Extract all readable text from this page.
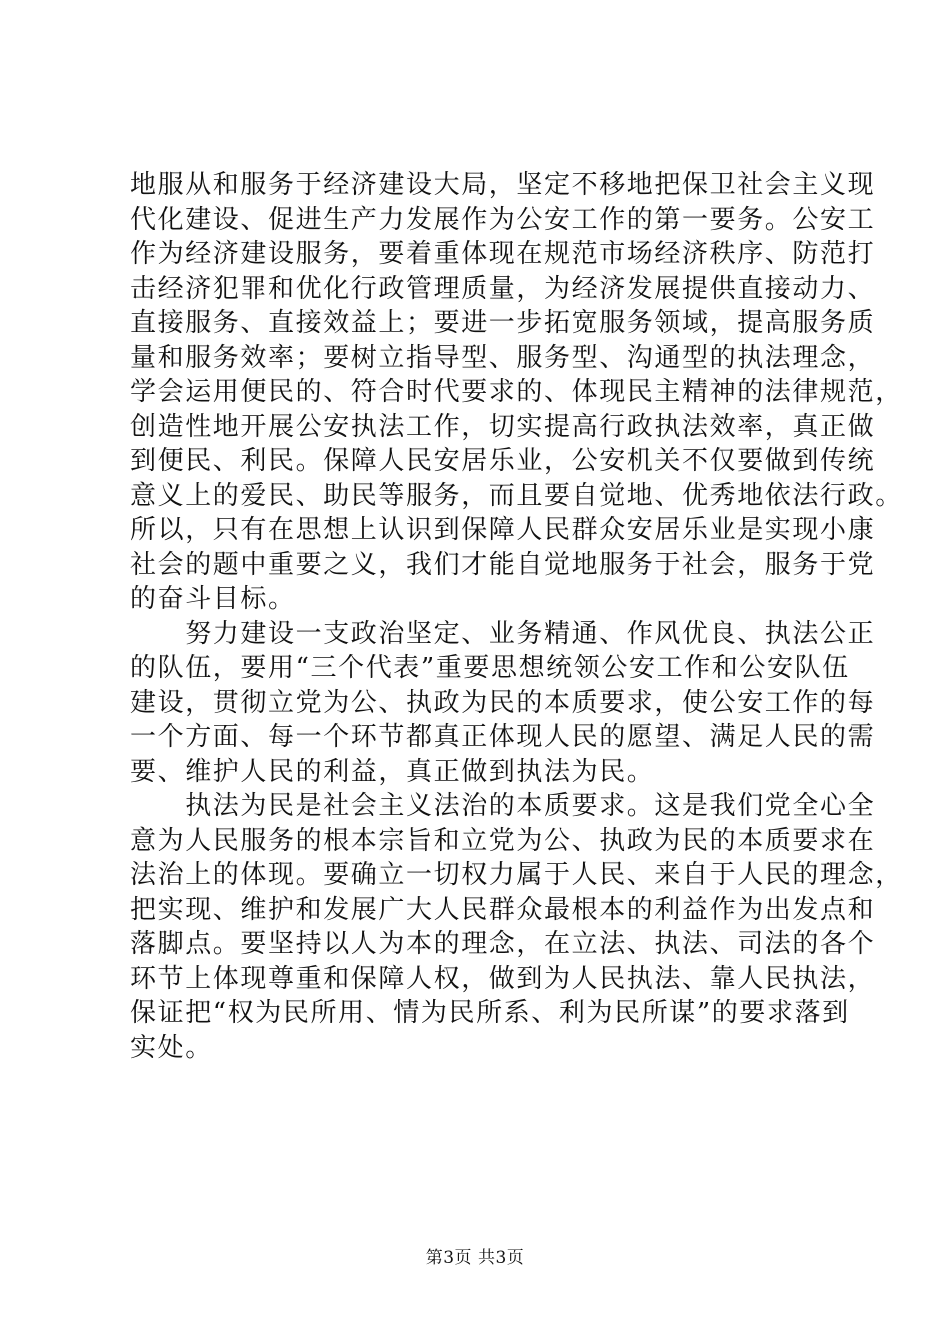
地服从和服务于经济建设大局，坚定不移地把保卫社会主义现
代化建设、促进生产力发展作为公安工作的第一要务。公安工
作为经济建设服务，要着重体现在规范市场经济秩序、防范打
击经济犯罪和优化行政管理质量，为经济发展提供直接动力、
直接服务、直接效益上；要进一步拓宽服务领域，提高服务质
量和服务效率；要树立指导型、服务型、沟通型的执法理念，
学会运用便民的、符合时代要求的、体现民主精神的法律规范，
创造性地开展公安执法工作，切实提高行政执法效率，真正做
到便民、利民。保障人民安居乐业，公安机关不仅要做到传统
意义上的爱民、助民等服务，而且要自觉地、优秀地依法行政。
所以，只有在思想上认识到保障人民群众安居乐业是实现小康
社会的题中重要之义，我们才能自觉地服务于社会，服务于党
的奋斗目标。

　　努力建设一支政治坚定、业务精通、作风优良、执法公正
的队伍，要用“三个代表”重要思想统领公安工作和公安队伍
建设，贯彻立党为公、执政为民的本质要求，使公安工作的每
一个方面、每一个环节都真正体现人民的愿望、满足人民的需
要、维护人民的利益，真正做到执法为民。

　　执法为民是社会主义法治的本质要求。这是我们党全心全
意为人民服务的根本宗旨和立党为公、执政为民的本质要求在
法治上的体现。要确立一切权力属于人民、来自于人民的理念，
把实现、维护和发展广大人民群众最根本的利益作为出发点和
落脚点。要坚持以人为本的理念，在立法、执法、司法的各个
环节上体现尊重和保障人权，做到为人民执法、靠人民执法，
保证把“权为民所用、情为民所系、利为民所谋”的要求落到
实处。

第3页 共3页
